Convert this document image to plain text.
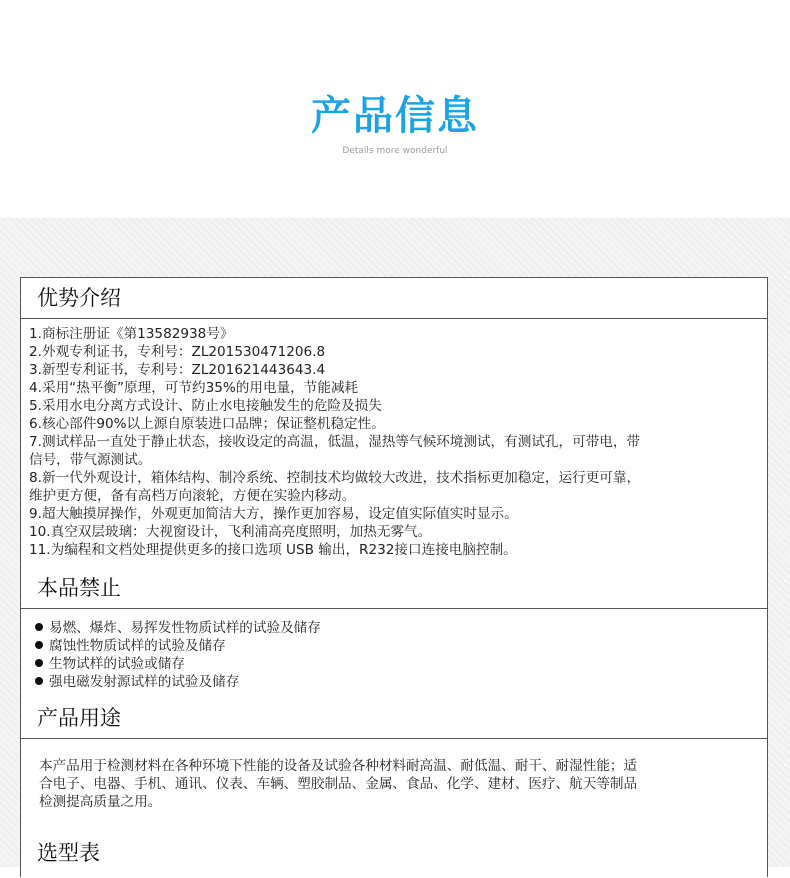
产品信息
Details more wonderful
优势介绍
1.商标注册证《第13582938号》
2.外观专利证书，专利号：ZL201530471206.8
3.新型专利证书，专利号：ZL201621443643.4
4.采用“热平衡”原理，可节约35%的用电量，节能减耗
5.采用水电分离方式设计、防止水电接触发生的危险及损失
6.核心部件90%以上源自原装进口品牌；保证整机稳定性。
7.测试样品一直处于静止状态，接收设定的高温，低温，湿热等气候环境测试，有测试孔，可带电，带
信号，带气源测试。
8.新一代外观设计，箱体结构、制冷系统、控制技术均做较大改进，技术指标更加稳定，运行更可靠，
维护更方便，备有高档万向滚轮，方便在实验内移动。
9.超大触摸屏操作，外观更加简洁大方，操作更加容易，设定值实际值实时显示。
10.真空双层玻璃：大视窗设计，飞利浦高亮度照明，加热无雾气。
11.为编程和文档处理提供更多的接口选项 USB 输出，R232接口连接电脑控制。
本品禁止
易燃、爆炸、易挥发性物质试样的试验及储存
腐蚀性物质试样的试验及储存
生物试样的试验或储存
强电磁发射源试样的试验及储存
产品用途
本产品用于检测材料在各种环境下性能的设备及试验各种材料耐高温、耐低温、耐干、耐湿性能；适
合电子、电器、手机、通讯、仪表、车辆、塑胶制品、金属、食品、化学、建材、医疗、航天等制品
检测提高质量之用。
选型表
